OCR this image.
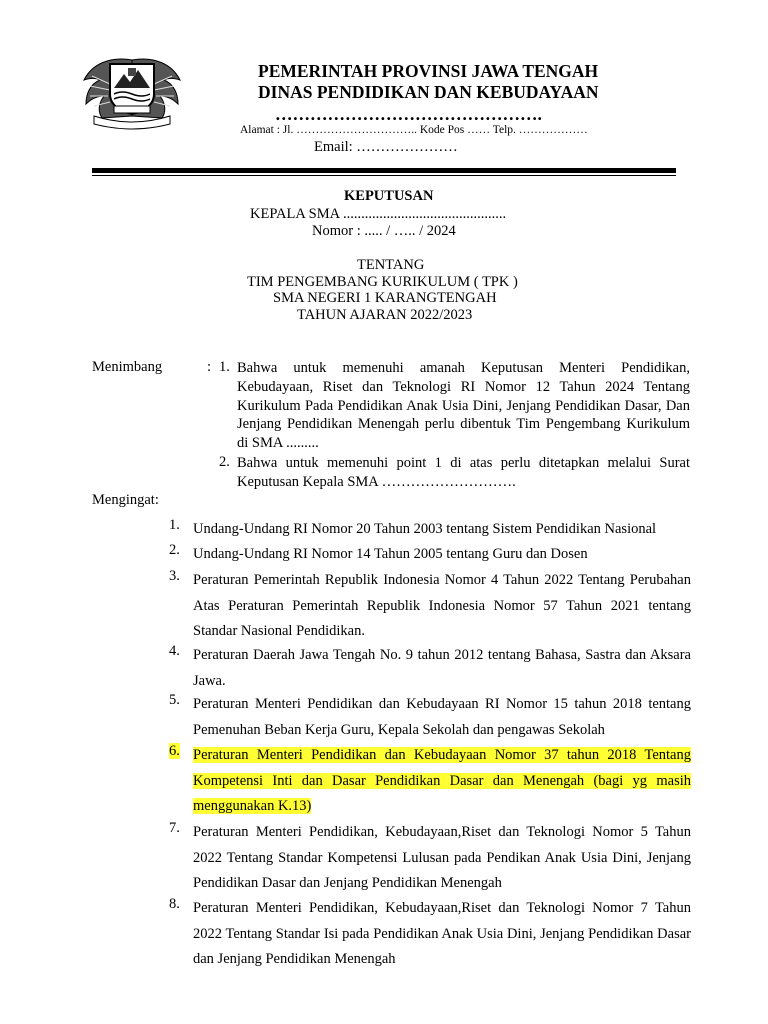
PEMERINTAH PROVINSI JAWA TENGAH
DINAS PENDIDIKAN DAN KEBUDAYAAN
……………………………………….
Alamat : Jl. ………………………….. Kode Pos …… Telp. ………………
Email: …………………
KEPUTUSAN
KEPALA SMA .............................................
Nomor : ..... / ….. / 2024
TENTANG
TIM PENGEMBANG KURIKULUM ( TPK )
SMA NEGERI 1 KARANGTENGAH
TAHUN AJARAN 2022/2023
Menimbang	: 1. Bahwa untuk memenuhi amanah Keputusan Menteri Pendidikan, Kebudayaan, Riset dan Teknologi RI Nomor 12 Tahun 2024 Tentang Kurikulum Pada Pendidikan Anak Usia Dini, Jenjang Pendidikan Dasar, Dan Jenjang Pendidikan Menengah perlu dibentuk Tim Pengembang Kurikulum di SMA .........
2. Bahwa untuk memenuhi point 1 di atas perlu ditetapkan melalui Surat Keputusan Kepala SMA ……………………….
Mengingat:
1. Undang-Undang RI Nomor 20 Tahun 2003 tentang Sistem Pendidikan Nasional
2. Undang-Undang RI Nomor 14 Tahun 2005 tentang Guru dan Dosen
3. Peraturan Pemerintah Republik Indonesia Nomor 4 Tahun 2022 Tentang Perubahan Atas Peraturan Pemerintah Republik Indonesia Nomor 57 Tahun 2021 tentang Standar Nasional Pendidikan.
4. Peraturan Daerah Jawa Tengah No. 9 tahun 2012 tentang Bahasa, Sastra dan Aksara Jawa.
5. Peraturan Menteri Pendidikan dan Kebudayaan RI Nomor 15 tahun 2018 tentang Pemenuhan Beban Kerja Guru, Kepala Sekolah dan pengawas Sekolah
6. Peraturan Menteri Pendidikan dan Kebudayaan Nomor 37 tahun 2018 Tentang Kompetensi Inti dan Dasar Pendidikan Dasar dan Menengah (bagi yg masih menggunakan K.13)
7. Peraturan Menteri Pendidikan, Kebudayaan,Riset dan Teknologi Nomor 5 Tahun 2022 Tentang Standar Kompetensi Lulusan pada Pendikan Anak Usia Dini, Jenjang Pendidikan Dasar dan Jenjang Pendidikan Menengah
8. Peraturan Menteri Pendidikan, Kebudayaan,Riset dan Teknologi Nomor 7 Tahun 2022 Tentang Standar Isi pada Pendidikan Anak Usia Dini, Jenjang Pendidikan Dasar dan Jenjang Pendidikan Menengah
